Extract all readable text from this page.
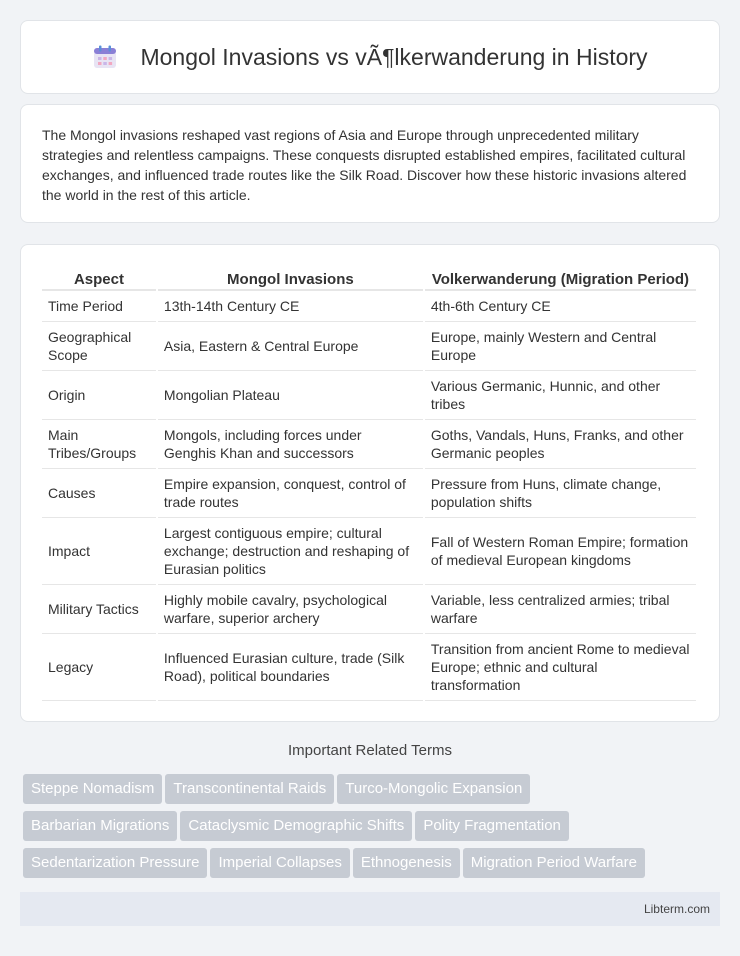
Mongol Invasions vs vÃ¶lkerwanderung in History

The Mongol invasions reshaped vast regions of Asia and Europe through unprecedented military strategies and relentless campaigns. These conquests disrupted established empires, facilitated cultural exchanges, and influenced trade routes like the Silk Road. Discover how these historic invasions altered the world in the rest of this article.

Aspect	Mongol Invasions	Volkerwanderung (Migration Period)
Time Period	13th-14th Century CE	4th-6th Century CE
Geographical Scope	Asia, Eastern & Central Europe	Europe, mainly Western and Central Europe
Origin	Mongolian Plateau	Various Germanic, Hunnic, and other tribes
Main Tribes/Groups	Mongols, including forces under Genghis Khan and successors	Goths, Vandals, Huns, Franks, and other Germanic peoples
Causes	Empire expansion, conquest, control of trade routes	Pressure from Huns, climate change, population shifts
Impact	Largest contiguous empire; cultural exchange; destruction and reshaping of Eurasian politics	Fall of Western Roman Empire; formation of medieval European kingdoms
Military Tactics	Highly mobile cavalry, psychological warfare, superior archery	Variable, less centralized armies; tribal warfare
Legacy	Influenced Eurasian culture, trade (Silk Road), political boundaries	Transition from ancient Rome to medieval Europe; ethnic and cultural transformation
Important Related Terms
Steppe Nomadism Transcontinental Raids Turco-Mongolic Expansion
Barbarian Migrations Cataclysmic Demographic Shifts Polity Fragmentation
Sedentarization Pressure Imperial Collapses Ethnogenesis Migration Period Warfare
Libterm.com
